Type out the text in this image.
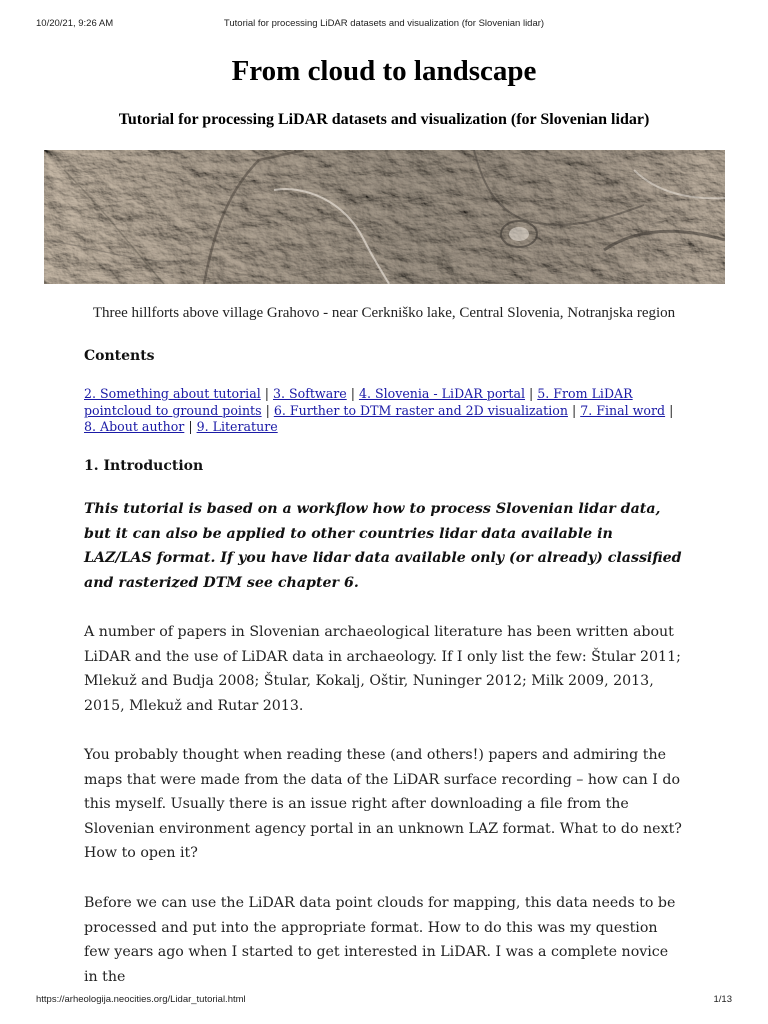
10/20/21, 9:26 AM	Tutorial for processing LiDAR datasets and visualization (for Slovenian lidar)
From cloud to landscape
Tutorial for processing LiDAR datasets and visualization (for Slovenian lidar)
Three hillforts above village Grahovo - near Cerkniško lake, Central Slovenia, Notranjska region
Contents
2. Something about tutorial | 3. Software | 4. Slovenia - LiDAR portal | 5. From LiDAR pointcloud to ground points | 6. Further to DTM raster and 2D visualization | 7. Final word | 8. About author | 9. Literature
1. Introduction
This tutorial is based on a workflow how to process Slovenian lidar data, but it can also be applied to other countries lidar data available in LAZ/LAS format. If you have lidar data available only (or already) classified and rasterized DTM see chapter 6.
A number of papers in Slovenian archaeological literature has been written about LiDAR and the use of LiDAR data in archaeology. If I only list the few: Štular 2011; Mlekuž and Budja 2008; Štular, Kokalj, Oštir, Nuninger 2012; Milk 2009, 2013, 2015, Mlekuž and Rutar 2013.
You probably thought when reading these (and others!) papers and admiring the maps that were made from the data of the LiDAR surface recording – how can I do this myself. Usually there is an issue right after downloading a file from the Slovenian environment agency portal in an unknown LAZ format. What to do next? How to open it?
Before we can use the LiDAR data point clouds for mapping, this data needs to be processed and put into the appropriate format. How to do this was my question few years ago when I started to get interested in LiDAR. I was a complete novice in the
https://arheologija.neocities.org/Lidar_tutorial.html	1/13
